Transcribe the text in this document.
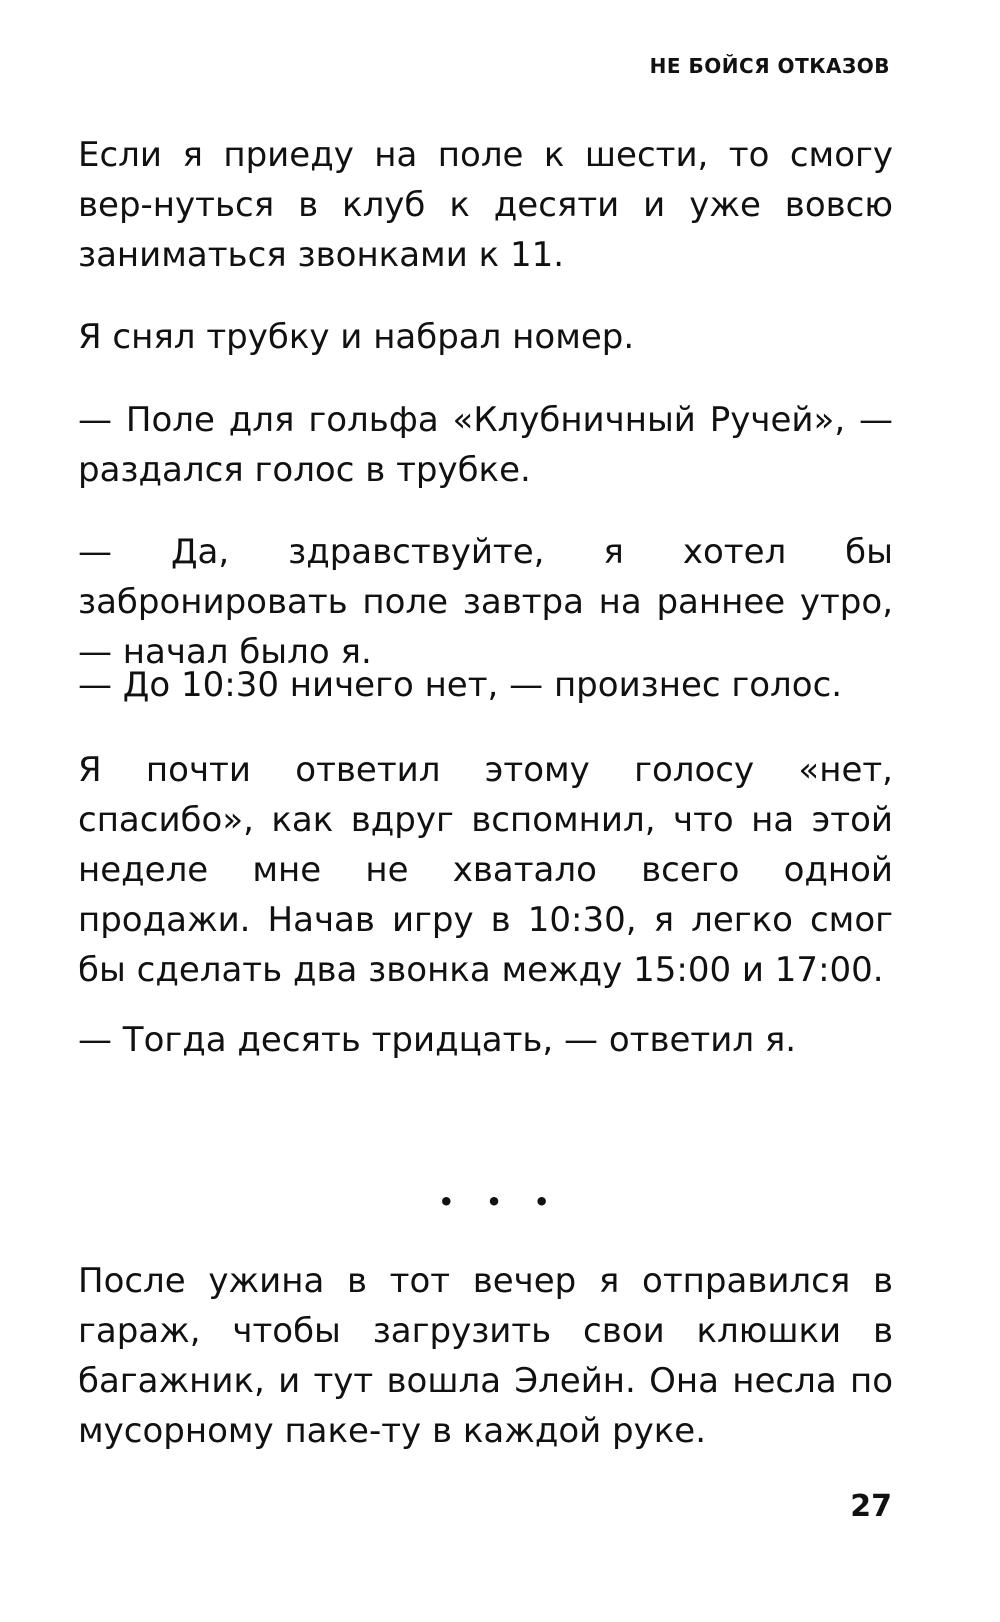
НЕ БОЙСЯ ОТКАЗОВ

Если я приеду на поле к шести, то смогу вер-нуться в клуб к десяти и уже вовсю заниматься звонками к 11.

Я снял трубку и набрал номер.

— Поле для гольфа «Клубничный Ручей», — раздался голос в трубке.

— Да, здравствуйте, я хотел бы забронировать поле завтра на раннее утро, — начал было я.

— До 10:30 ничего нет, — произнес голос.

Я почти ответил этому голосу «нет, спасибо», как вдруг вспомнил, что на этой неделе мне не хватало всего одной продажи. Начав игру в 10:30, я легко смог бы сделать два звонка между 15:00 и 17:00.

— Тогда десять тридцать, — ответил я.

• • •

После ужина в тот вечер я отправился в гараж, чтобы загрузить свои клюшки в багажник, и тут вошла Элейн. Она несла по мусорному паке-ту в каждой руке.

27
